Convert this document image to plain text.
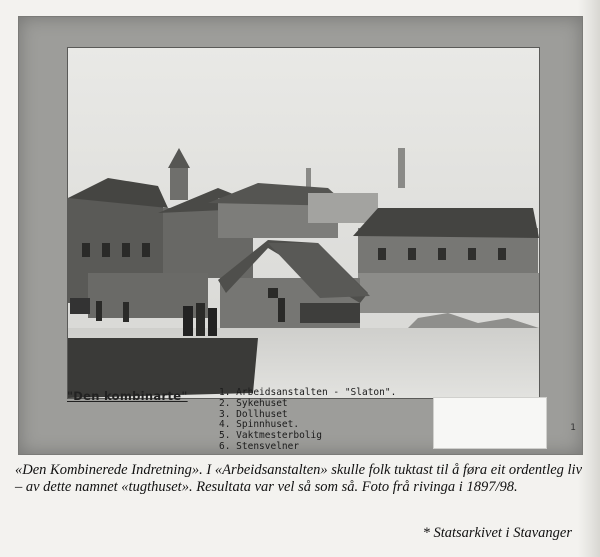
"Den kombinarte"	1. Arbeidsanstalten - "Slaton".
2. Sykehuset
3. Dollhuset
4. Spinnhuset.
5. Vaktmesterbolig
6. Stensvelner
1

«Den Kombinerede Indretning». I «Arbeidsanstalten» skulle folk tuktast til å føra eit ordentleg liv – av dette namnet «tugthuset». Resultata var vel så som så. Foto frå rivinga i 1897/98.

* Statsarkivet i Stavanger
